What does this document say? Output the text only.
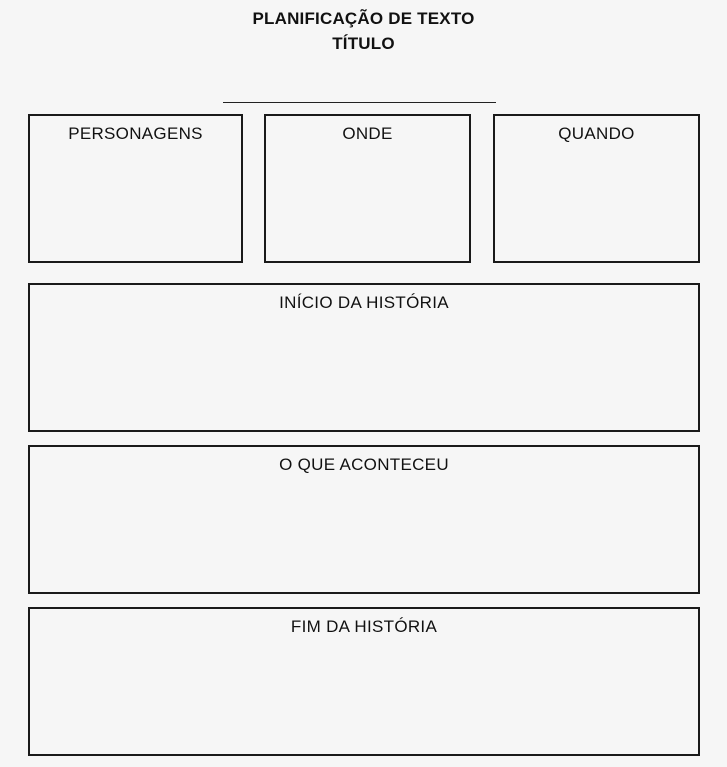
PLANIFICAÇÃO DE TEXTO
TÍTULO
PERSONAGENS	ONDE	QUANDO
INÍCIO DA HISTÓRIA
O QUE ACONTECEU
FIM DA HISTÓRIA
